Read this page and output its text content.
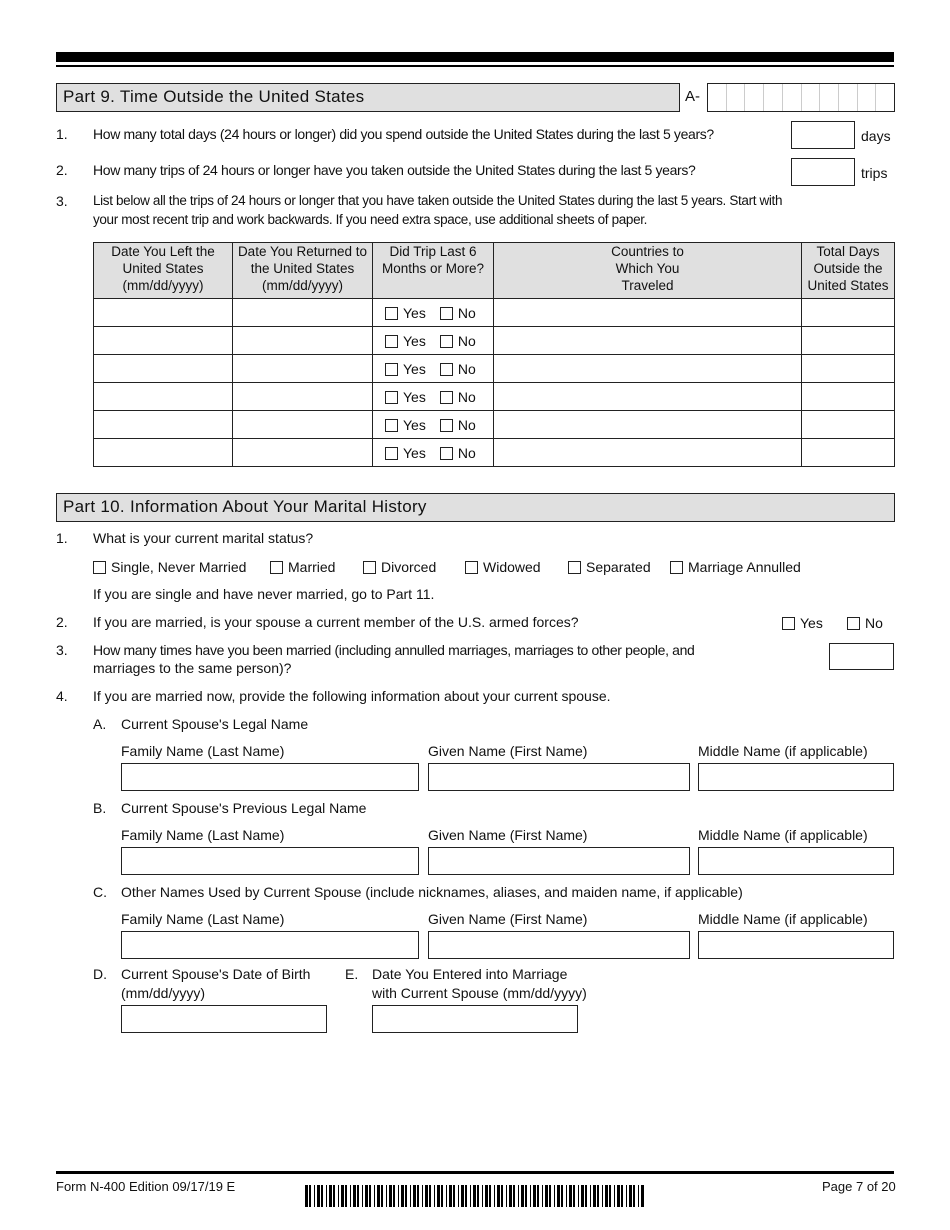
Part 9. Time Outside the United States	A-
1. How many total days (24 hours or longer) did you spend outside the United States during the last 5 years?	days
2. How many trips of 24 hours or longer have you taken outside the United States during the last 5 years?	trips
3. List below all the trips of 24 hours or longer that you have taken outside the United States during the last 5 years. Start with
your most recent trip and work backwards. If you need extra space, use additional sheets of paper.
Date You Left the United States (mm/dd/yyyy)	Date You Returned to the United States (mm/dd/yyyy)	Did Trip Last 6 Months or More?	Countries to Which You Traveled	Total Days Outside the United States
		Yes No		
		Yes No		
		Yes No		
		Yes No		
		Yes No		
		Yes No		
Part 10. Information About Your Marital History
1. What is your current marital status?
Single, Never Married	Married	Divorced	Widowed	Separated	Marriage Annulled
If you are single and have never married, go to Part 11.
2. If you are married, is your spouse a current member of the U.S. armed forces?	Yes	No
3. How many times have you been married (including annulled marriages, marriages to other people, and
marriages to the same person)?
4. If you are married now, provide the following information about your current spouse.
A. Current Spouse's Legal Name
Family Name (Last Name)	Given Name (First Name)	Middle Name (if applicable)
B. Current Spouse's Previous Legal Name
Family Name (Last Name)	Given Name (First Name)	Middle Name (if applicable)
C. Other Names Used by Current Spouse (include nicknames, aliases, and maiden name, if applicable)
Family Name (Last Name)	Given Name (First Name)	Middle Name (if applicable)
D. Current Spouse's Date of Birth
(mm/dd/yyyy)
E. Date You Entered into Marriage
with Current Spouse (mm/dd/yyyy)
Form N-400 Edition 09/17/19 E	Page 7 of 20
